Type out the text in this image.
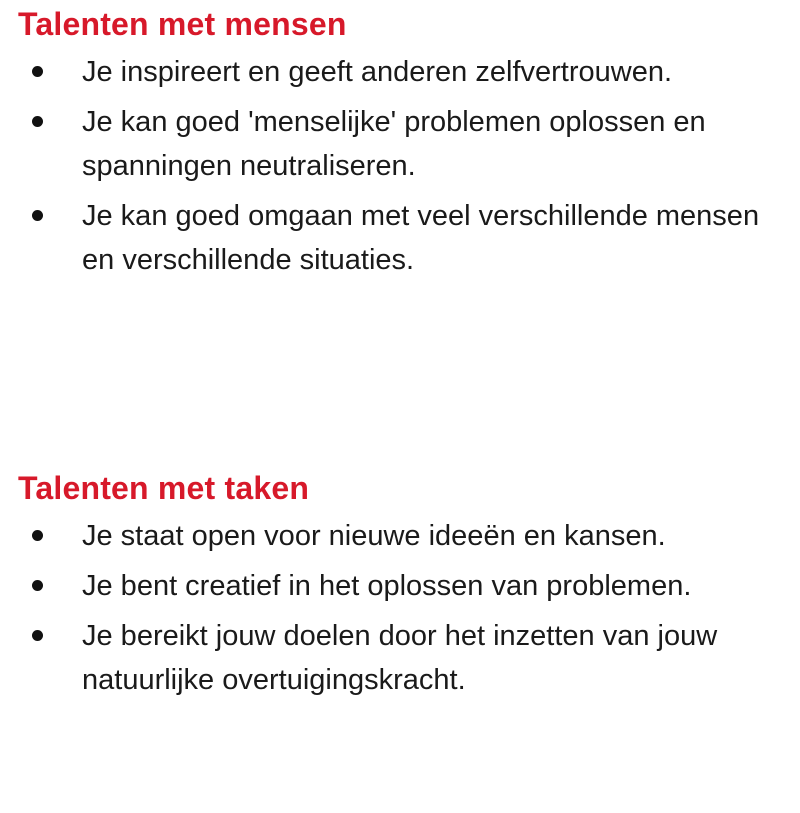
Talenten met mensen
Je inspireert en geeft anderen zelfvertrouwen.
Je kan goed 'menselijke' problemen oplossen en spanningen neutraliseren.
Je kan goed omgaan met veel verschillende mensen en verschillende situaties.
Talenten met taken
Je staat open voor nieuwe ideeën en kansen.
Je bent creatief in het oplossen van problemen.
Je bereikt jouw doelen door het inzetten van jouw natuurlijke overtuigingskracht.
